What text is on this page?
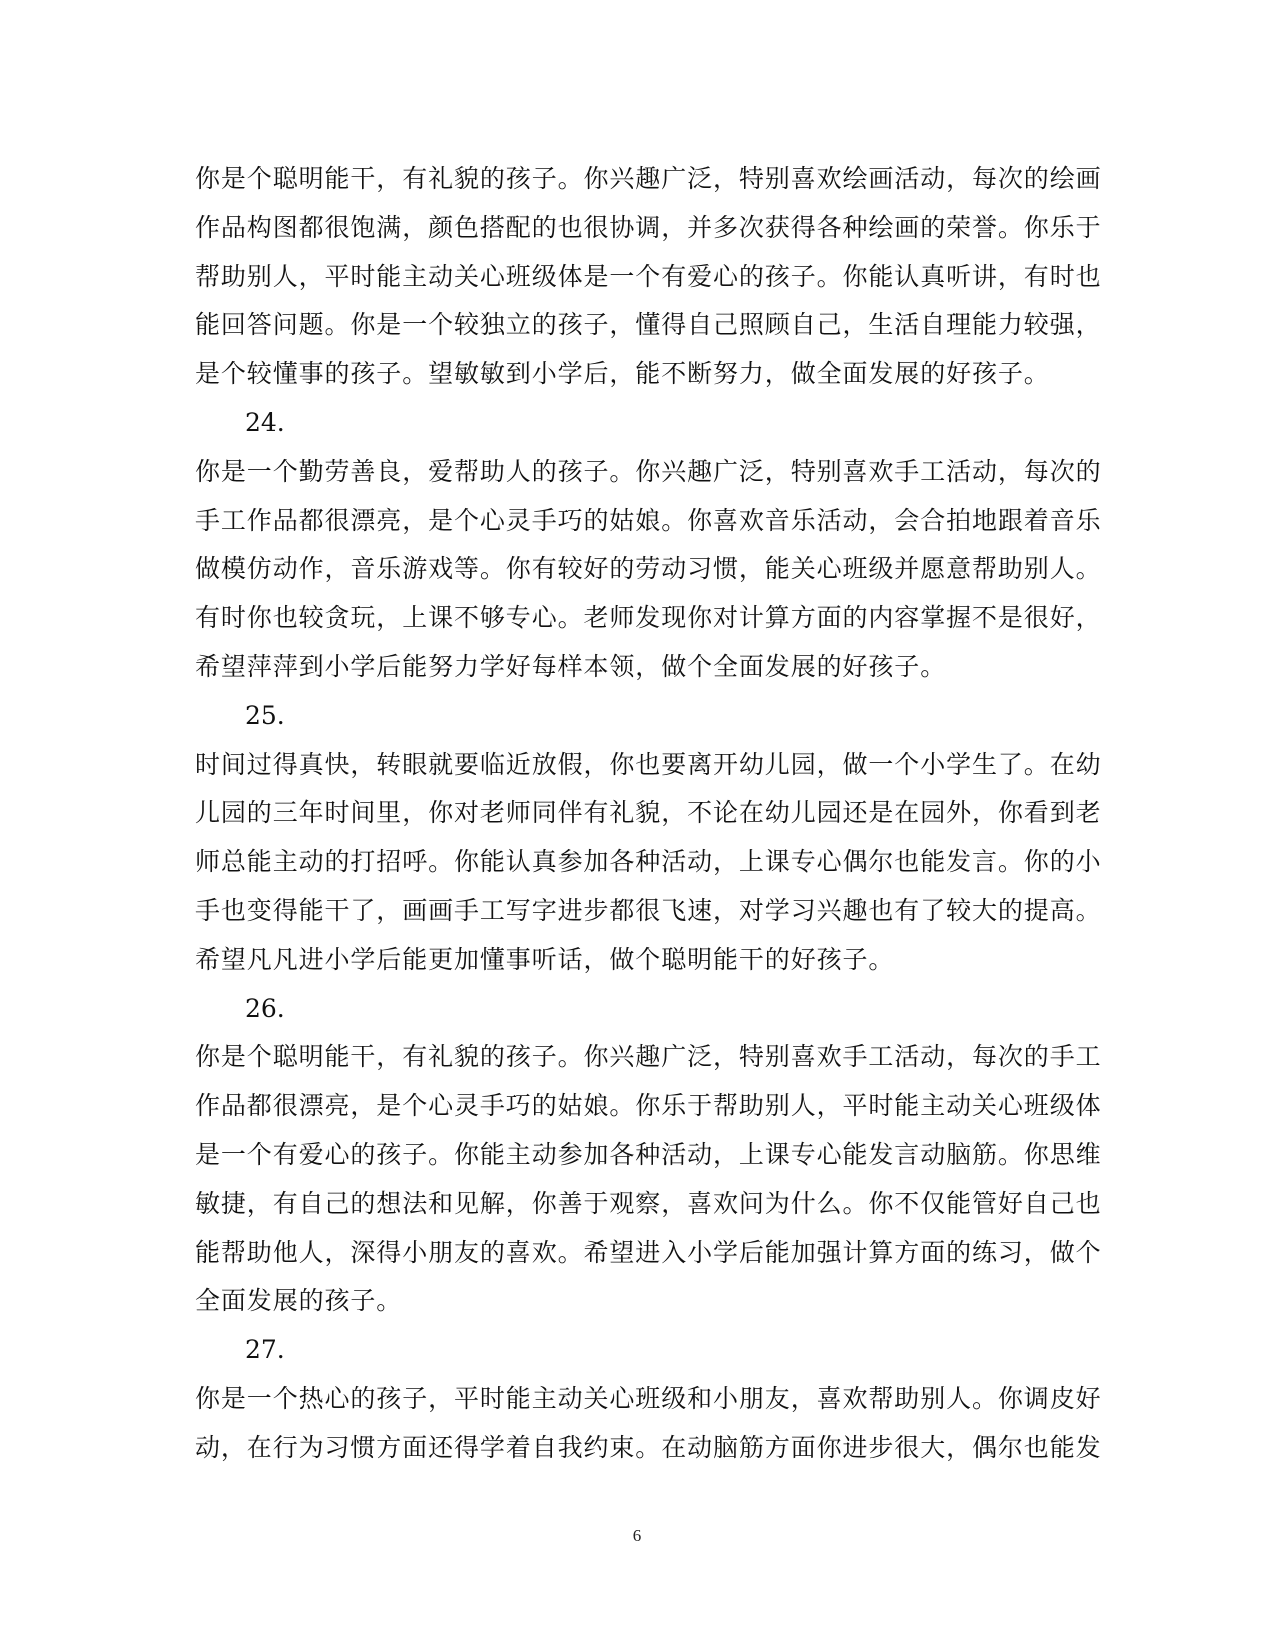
你是个聪明能干，有礼貌的孩子。你兴趣广泛，特别喜欢绘画活动，每次的绘画
作品构图都很饱满，颜色搭配的也很协调，并多次获得各种绘画的荣誉。你乐于
帮助别人，平时能主动关心班级体是一个有爱心的孩子。你能认真听讲，有时也
能回答问题。你是一个较独立的孩子，懂得自己照顾自己，生活自理能力较强，
是个较懂事的孩子。望敏敏到小学后，能不断努力，做全面发展的好孩子。
24.
你是一个勤劳善良，爱帮助人的孩子。你兴趣广泛，特别喜欢手工活动，每次的
手工作品都很漂亮，是个心灵手巧的姑娘。你喜欢音乐活动，会合拍地跟着音乐
做模仿动作，音乐游戏等。你有较好的劳动习惯，能关心班级并愿意帮助别人。
有时你也较贪玩，上课不够专心。老师发现你对计算方面的内容掌握不是很好，
希望萍萍到小学后能努力学好每样本领，做个全面发展的好孩子。
25.
时间过得真快，转眼就要临近放假，你也要离开幼儿园，做一个小学生了。在幼
儿园的三年时间里，你对老师同伴有礼貌，不论在幼儿园还是在园外，你看到老
师总能主动的打招呼。你能认真参加各种活动，上课专心偶尔也能发言。你的小
手也变得能干了，画画手工写字进步都很飞速，对学习兴趣也有了较大的提高。
希望凡凡进小学后能更加懂事听话，做个聪明能干的好孩子。
26.
你是个聪明能干，有礼貌的孩子。你兴趣广泛，特别喜欢手工活动，每次的手工
作品都很漂亮，是个心灵手巧的姑娘。你乐于帮助别人，平时能主动关心班级体
是一个有爱心的孩子。你能主动参加各种活动，上课专心能发言动脑筋。你思维
敏捷，有自己的想法和见解，你善于观察，喜欢问为什么。你不仅能管好自己也
能帮助他人，深得小朋友的喜欢。希望进入小学后能加强计算方面的练习，做个
全面发展的孩子。
27.
你是一个热心的孩子，平时能主动关心班级和小朋友，喜欢帮助别人。你调皮好
动，在行为习惯方面还得学着自我约束。在动脑筋方面你进步很大，偶尔也能发
6
